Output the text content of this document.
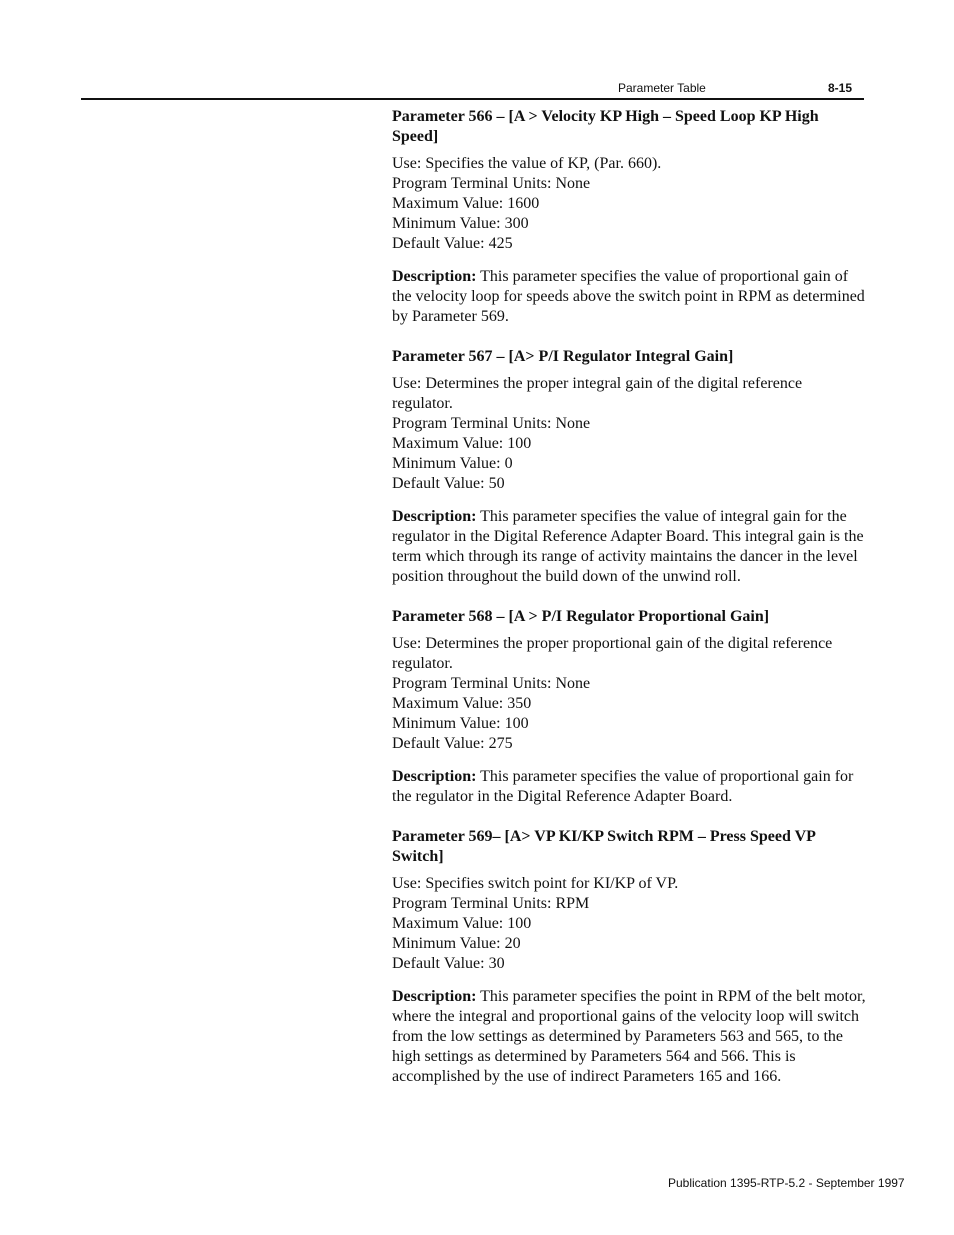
Parameter Table	8-15

Parameter 566 – [A > Velocity KP High – Speed Loop KP High Speed]

Use: Specifies the value of KP, (Par. 660).
Program Terminal Units: None
Maximum Value: 1600
Minimum Value: 300
Default Value: 425

Description: This parameter specifies the value of proportional gain of the velocity loop for speeds above the switch point in RPM as determined by Parameter 569.

Parameter 567 – [A> P/I Regulator Integral Gain]

Use: Determines the proper integral gain of the digital reference regulator.
Program Terminal Units: None
Maximum Value: 100
Minimum Value: 0
Default Value: 50

Description: This parameter specifies the value of integral gain for the regulator in the Digital Reference Adapter Board. This integral gain is the term which through its range of activity maintains the dancer in the level position throughout the build down of the unwind roll.

Parameter 568 – [A > P/I Regulator Proportional Gain]

Use: Determines the proper proportional gain of the digital reference regulator.
Program Terminal Units: None
Maximum Value: 350
Minimum Value: 100
Default Value: 275

Description: This parameter specifies the value of proportional gain for the regulator in the Digital Reference Adapter Board.

Parameter 569– [A> VP KI/KP Switch RPM – Press Speed VP Switch]

Use: Specifies switch point for KI/KP of VP.
Program Terminal Units: RPM
Maximum Value: 100
Minimum Value: 20
Default Value: 30

Description: This parameter specifies the point in RPM of the belt motor, where the integral and proportional gains of the velocity loop will switch from the low settings as determined by Parameters 563 and 565, to the high settings as determined by Parameters 564 and 566. This is accomplished by the use of indirect Parameters 165 and 166.

Publication 1395-RTP-5.2 - September 1997
